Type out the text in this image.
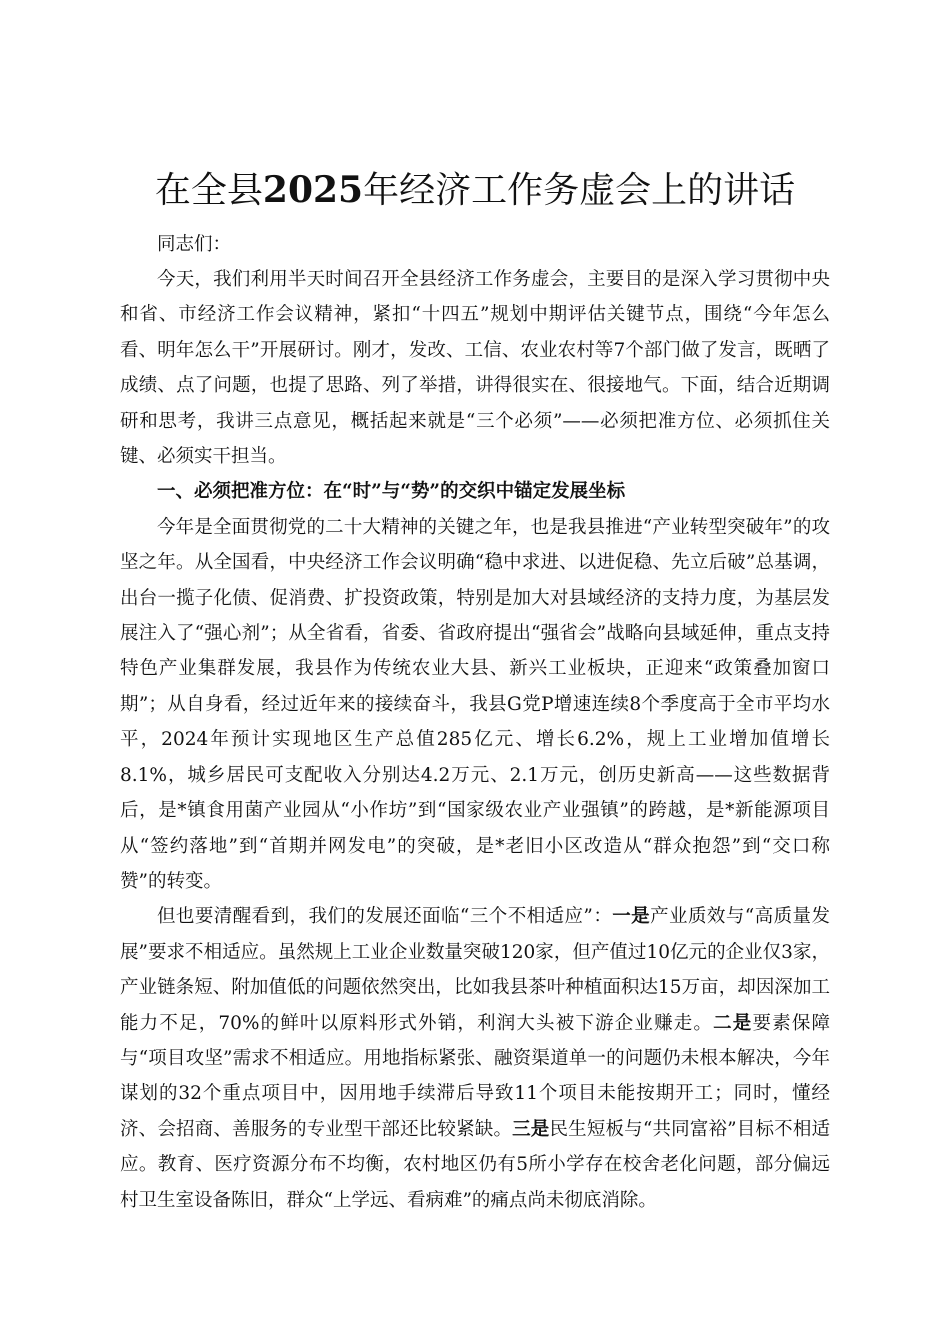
在全县2025年经济工作务虚会上的讲话

同志们：

今天，我们利用半天时间召开全县经济工作务虚会，主要目的是深入学习贯彻中央和省、市经济工作会议精神，紧扣“十四五”规划中期评估关键节点，围绕“今年怎么看、明年怎么干”开展研讨。刚才，发改、工信、农业农村等7个部门做了发言，既晒了成绩、点了问题，也提了思路、列了举措，讲得很实在、很接地气。下面，结合近期调研和思考，我讲三点意见，概括起来就是“三个必须”——必须把准方位、必须抓住关键、必须实干担当。

一、必须把准方位：在“时”与“势”的交织中锚定发展坐标

今年是全面贯彻党的二十大精神的关键之年，也是我县推进“产业转型突破年”的攻坚之年。从全国看，中央经济工作会议明确“稳中求进、以进促稳、先立后破”总基调，出台一揽子化债、促消费、扩投资政策，特别是加大对县域经济的支持力度，为基层发展注入了“强心剂”；从全省看，省委、省政府提出“强省会”战略向县域延伸，重点支持特色产业集群发展，我县作为传统农业大县、新兴工业板块，正迎来“政策叠加窗口期”；从自身看，经过近年来的接续奋斗，我县G党P增速连续8个季度高于全市平均水平，2024年预计实现地区生产总值285亿元、增长6.2%，规上工业增加值增长8.1%，城乡居民可支配收入分别达4.2万元、2.1万元，创历史新高——这些数据背后，是*镇食用菌产业园从“小作坊”到“国家级农业产业强镇”的跨越，是*新能源项目从“签约落地”到“首期并网发电”的突破，是*老旧小区改造从“群众抱怨”到“交口称赞”的转变。

但也要清醒看到，我们的发展还面临“三个不相适应”：一是产业质效与“高质量发展”要求不相适应。虽然规上工业企业数量突破120家，但产值过10亿元的企业仅3家，产业链条短、附加值低的问题依然突出，比如我县茶叶种植面积达15万亩，却因深加工能力不足，70%的鲜叶以原料形式外销，利润大头被下游企业赚走。二是要素保障与“项目攻坚”需求不相适应。用地指标紧张、融资渠道单一的问题仍未根本解决，今年谋划的32个重点项目中，因用地手续滞后导致11个项目未能按期开工；同时，懂经济、会招商、善服务的专业型干部还比较紧缺。三是民生短板与“共同富裕”目标不相适应。教育、医疗资源分布不均衡，农村地区仍有5所小学存在校舍老化问题，部分偏远村卫生室设备陈旧，群众“上学远、看病难”的痛点尚未彻底消除。
